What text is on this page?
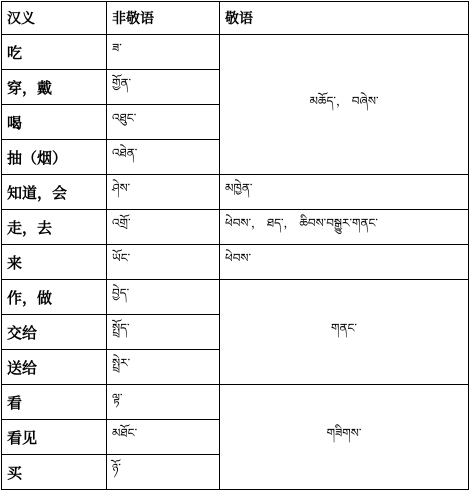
汉义	非敬语	敬语
吃	ཟ་	མཆོད་， བཞེས་
穿，戴	གྱོན་	
喝	འཐུང་	
抽（烟）	འཐེན་	
知道，会	ཤེས་	མཁྱེན་
走，去	འགྲོ་	ཕེབས་， ཐད་， ཆིབས་བསྒྱུར་གནང་
来	ཡོང་	ཕེབས་
作，做	བྱེད་	གནང་
交给	སྤྲོད་	
送给	སྤྲེར་	
看	ལྟ་	གཟིགས་
看见	མཐོང་	
买	ཉོ་	
